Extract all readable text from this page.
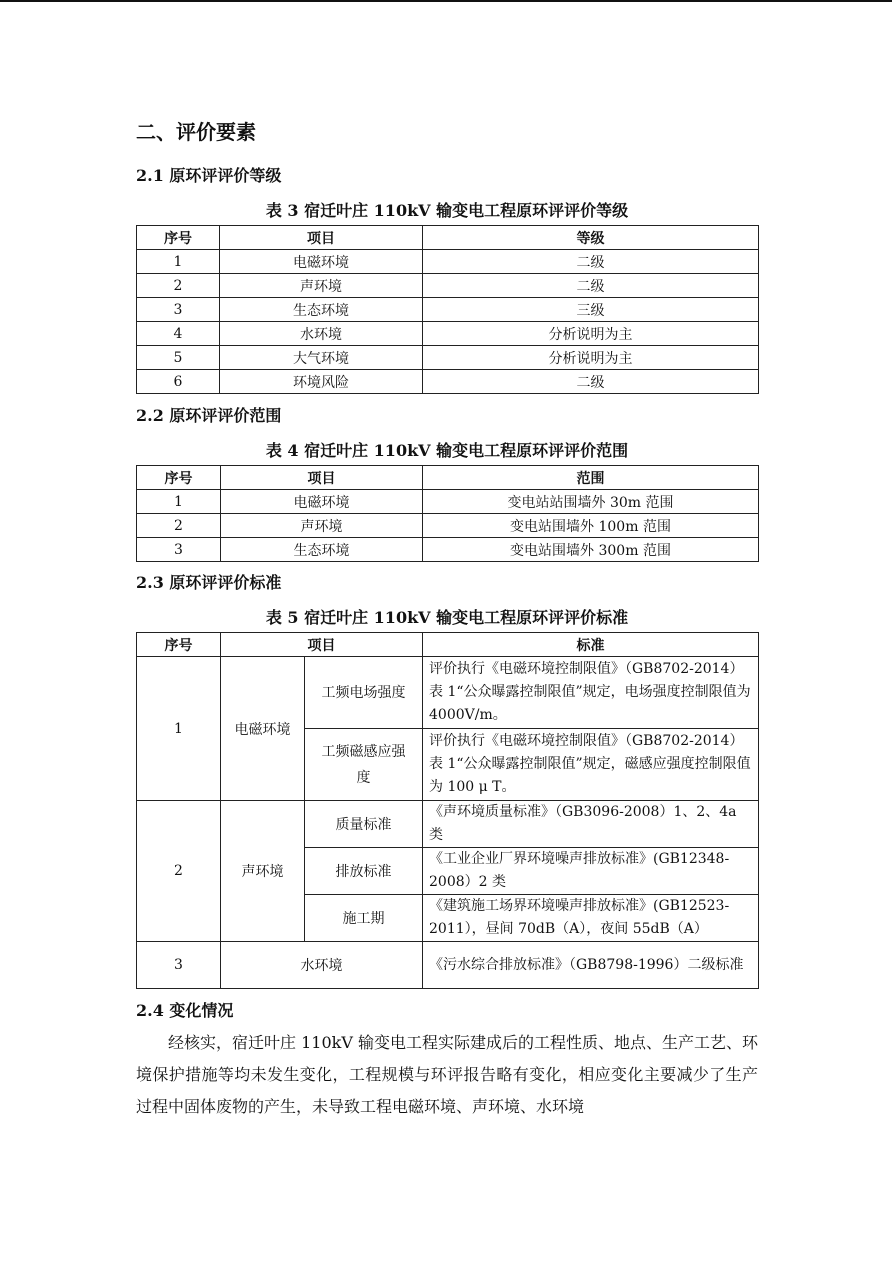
二、评价要素
2.1 原环评评价等级
表 3 宿迁叶庄 110kV 输变电工程原环评评价等级
序号	项目	等级
1	电磁环境	二级
2	声环境	二级
3	生态环境	三级
4	水环境	分析说明为主
5	大气环境	分析说明为主
6	环境风险	二级
2.2 原环评评价范围
表 4 宿迁叶庄 110kV 输变电工程原环评评价范围
序号	项目	范围
1	电磁环境	变电站站围墙外 30m 范围
2	声环境	变电站围墙外 100m 范围
3	生态环境	变电站围墙外 300m 范围
2.3 原环评评价标准
表 5 宿迁叶庄 110kV 输变电工程原环评评价标准
序号	项目		标准
1	电磁环境	工频电场强度	评价执行《电磁环境控制限值》（GB8702-2014）表 1“公众曝露控制限值”规定，电场强度控制限值为 4000V/m。
		工频磁感应强度	评价执行《电磁环境控制限值》（GB8702-2014）表 1“公众曝露控制限值”规定，磁感应强度控制限值为 100 μ T。
2	声环境	质量标准	《声环境质量标准》（GB3096-2008）1、2、4a 类
		排放标准	《工业企业厂界环境噪声排放标准》(GB12348-2008）2 类
		施工期	《建筑施工场界环境噪声排放标准》(GB12523-2011），昼间 70dB（A），夜间 55dB（A）
3	水环境		《污水综合排放标准》（GB8798-1996）二级标准
2.4 变化情况

经核实，宿迁叶庄 110kV 输变电工程实际建成后的工程性质、地点、生产工艺、环境保护措施等均未发生变化，工程规模与环评报告略有变化，相应变化主要减少了生产过程中固体废物的产生，未导致工程电磁环境、声环境、水环境
